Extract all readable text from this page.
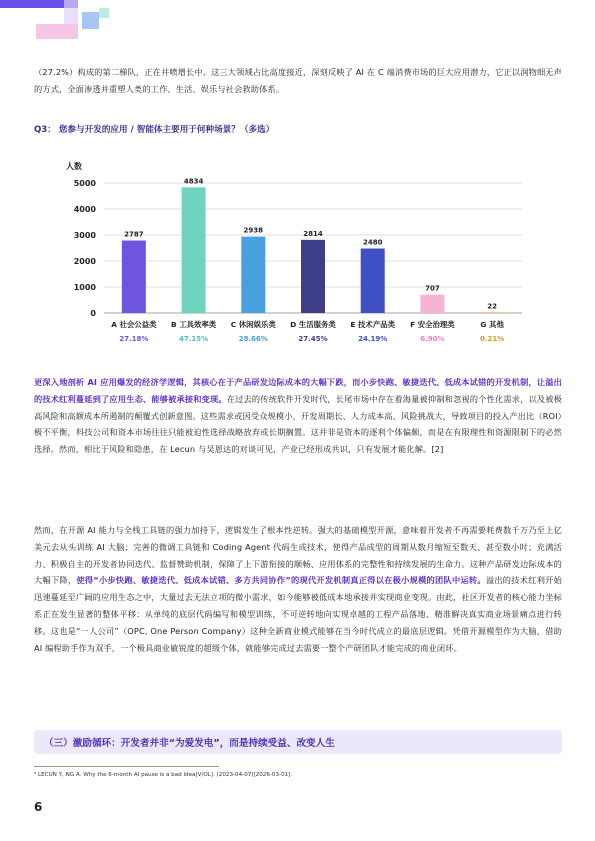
（27.2%）构成的第二梯队，正在井喷增长中。这三大领域占比高度接近，深刻反映了 AI 在 C 端消费市场的巨大应用潜力，它正以润物细无声的方式，全面渗透并重塑人类的工作、生活、娱乐与社会救助体系。

Q3： 您参与开发的应用 / 智能体主要用于何种场景？（多选）

人数
0
1000
2000
3000
4000
5000
2787
A 社会公益类
27.18%
4834
B 工具效率类
47.15%
2938
C 休闲娱乐类
28.66%
2814
D 生活服务类
27.45%
2480
E 技术产品类
24.19%
707
F 安全治理类
6.90%
22
G 其他
0.21%

更深入地剖析 AI 应用爆发的经济学逻辑，其核心在于产品研发边际成本的大幅下跌，而小步快跑、敏捷迭代、低成本试错的开发机制，让溢出的技术红利蔓延到了应用生态、能够被承接和变现。在过去的传统软件开发时代，长尾市场中存在着海量被抑制和忽视的个性化需求，以及被极高风险和高额成本所遏制的颠覆式创新意图。这些需求或因受众规模小、开发周期长、人力成本高、风险挑战大，导致项目的投入产出比（ROI）极不平衡，科技公司和资本市场往往只能被迫性选择战略放弃或长期搁置。这并非是资本的逐利个体偏颇，而是在有限理性和资源限制下的必然选择。然而，相比于风险和隐患，在 Lecun 与吴恩达的对谈可见，产业已经形成共识，只有发展才能化解。[2]

然而，在开源 AI 能力与全栈工具链的强力加持下，逻辑发生了根本性逆转。强大的基础模型开源，意味着开发者不再需要耗费数千万乃至上亿美元去从头训练 AI 大脑；完善的微调工具链和 Coding Agent 代码生成技术，使得产品成型的周期从数月缩短至数天、甚至数小时；充满活力、积极自主的开发者协同迭代、监督赞助机制，保障了上下游衔接的顺畅、应用体系的完整性和持续发展的生命力。这种产品研发边际成本的大幅下降，使得“小步快跑、敏捷迭代、低成本试错、多方共同协作”的现代开发机制真正得以在极小规模的团队中运转。溢出的技术红利开始迅速蔓延至广阔的应用生态之中，大量过去无法立项的微小需求，如今能够被低成本地承接并实现商业变现。由此，社区开发者的核心能力坐标系正在发生显著的整体平移：从单纯的底层代码编写和模型训练，不可逆转地向实现卓越的工程产品落地、精准解决真实商业场景痛点进行转移。这也是“一人公司”（OPC, One Person Company）这种全新商业模式能够在当今时代成立的最底层逻辑。凭借开源模型作为大脑，借助 AI 编程助手作为双手，一个极具商业敏锐度的超级个体，就能够完成过去需要一整个产研团队才能完成的商业闭环。

（三）激励循环：开发者并非“为爱发电”，而是持续受益、改变人生

² LECUN Y, NG A. Why the 6-month AI pause is a bad idea[V/OL]. (2023-04-07)[2026-03-01].

6
